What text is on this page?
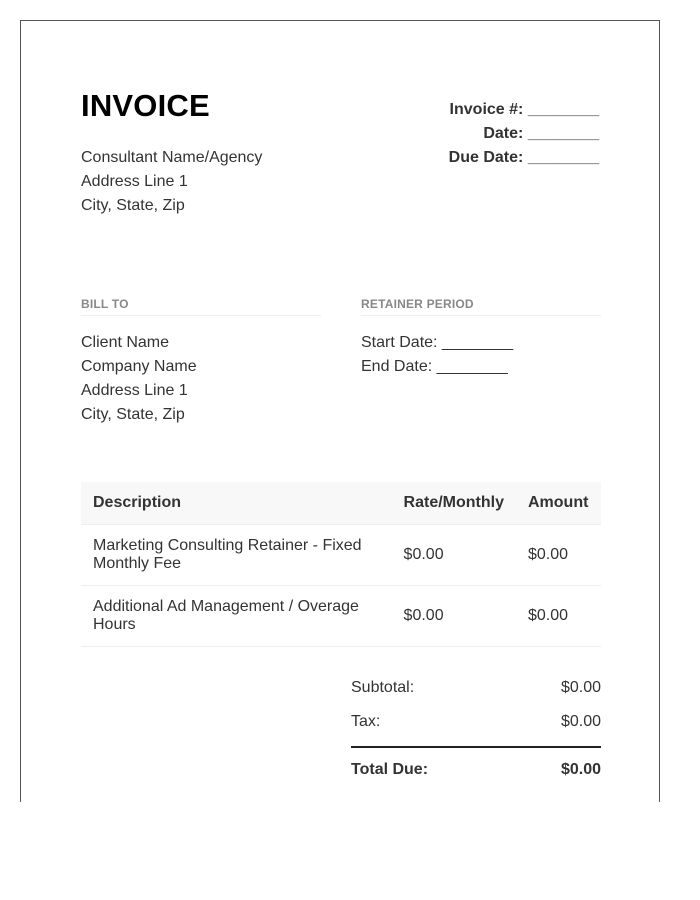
INVOICE
Consultant Name/Agency
Address Line 1
City, State, Zip
Invoice #: ________
Date: ________
Due Date: ________
BILL TO	RETAINER PERIOD
Client Name
Company Name
Address Line 1
City, State, Zip
Start Date: ________
End Date: ________
Description	Rate/Monthly	Amount
Marketing Consulting Retainer - Fixed Monthly Fee	$0.00	$0.00
Additional Ad Management / Overage Hours	$0.00	$0.00
Subtotal:	$0.00
Tax:	$0.00
Total Due:	$0.00
